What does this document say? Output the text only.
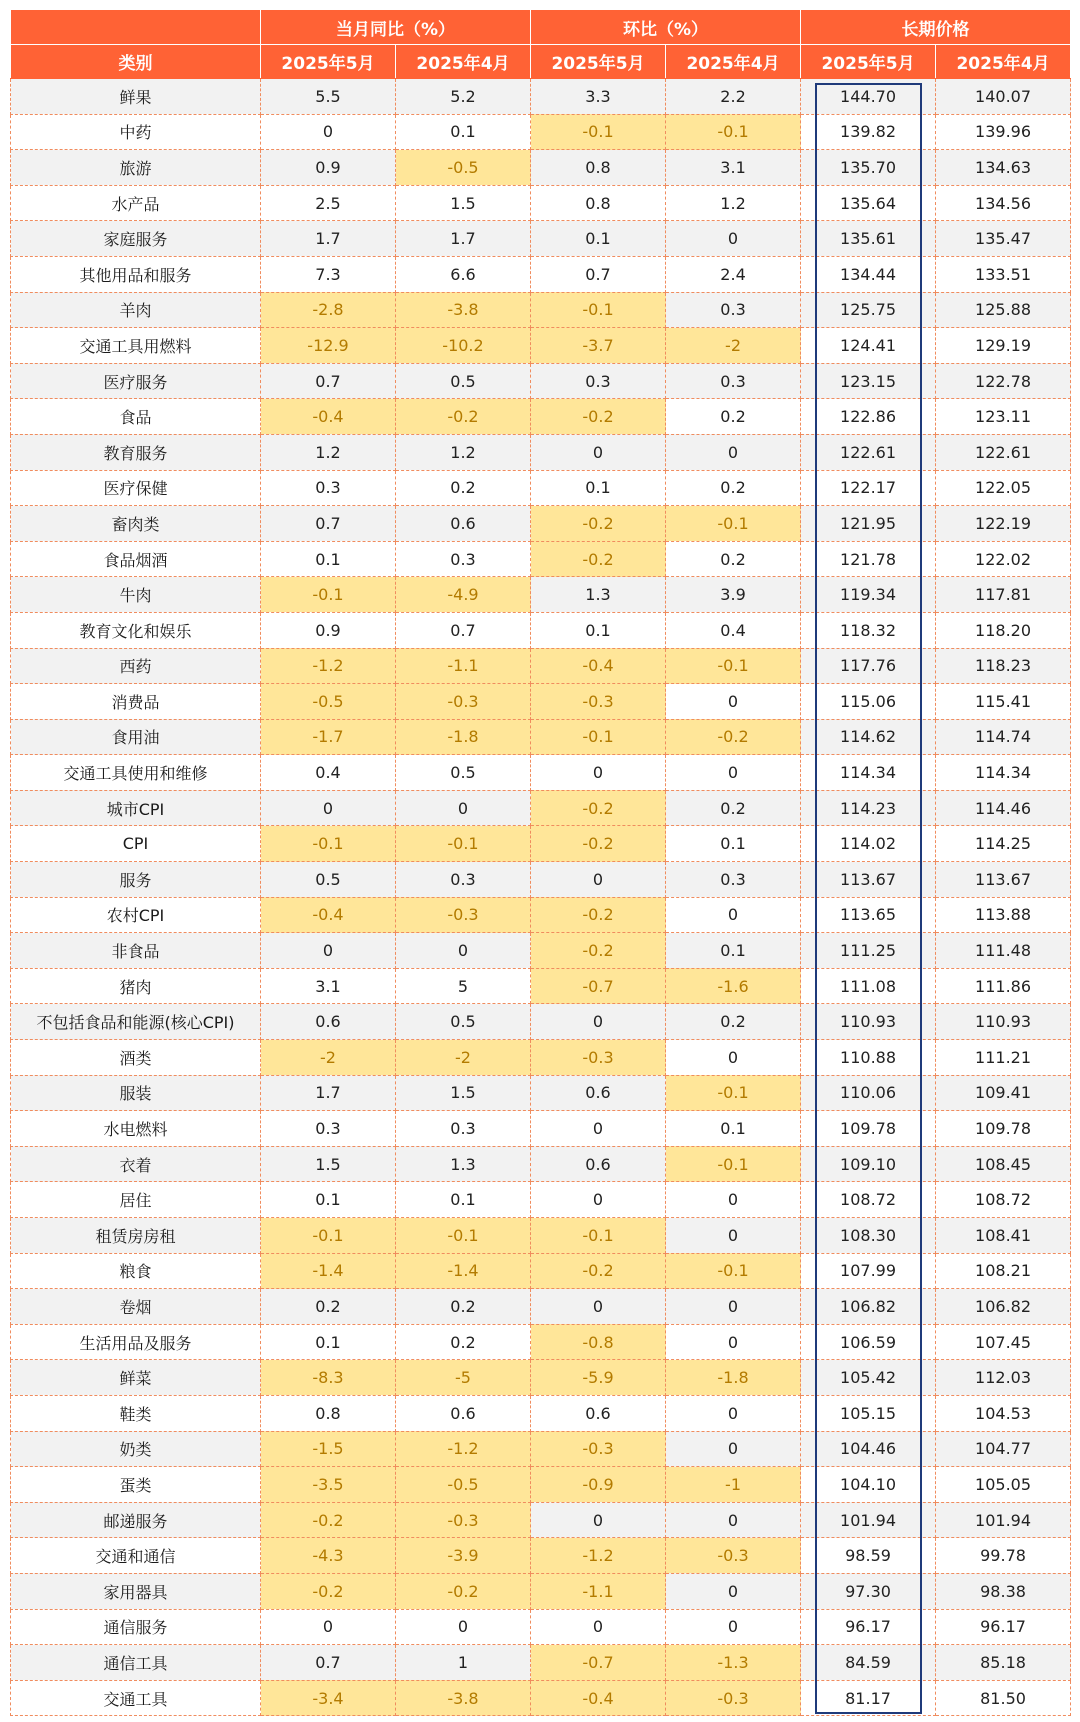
	当月同比（%）		环比（%）		长期价格	
类别	2025年5月	2025年4月	2025年5月	2025年4月	2025年5月	2025年4月
鲜果	5.5	5.2	3.3	2.2	144.70	140.07
中药	0	0.1	-0.1	-0.1	139.82	139.96
旅游	0.9	-0.5	0.8	3.1	135.70	134.63
水产品	2.5	1.5	0.8	1.2	135.64	134.56
家庭服务	1.7	1.7	0.1	0	135.61	135.47
其他用品和服务	7.3	6.6	0.7	2.4	134.44	133.51
羊肉	-2.8	-3.8	-0.1	0.3	125.75	125.88
交通工具用燃料	-12.9	-10.2	-3.7	-2	124.41	129.19
医疗服务	0.7	0.5	0.3	0.3	123.15	122.78
食品	-0.4	-0.2	-0.2	0.2	122.86	123.11
教育服务	1.2	1.2	0	0	122.61	122.61
医疗保健	0.3	0.2	0.1	0.2	122.17	122.05
畜肉类	0.7	0.6	-0.2	-0.1	121.95	122.19
食品烟酒	0.1	0.3	-0.2	0.2	121.78	122.02
牛肉	-0.1	-4.9	1.3	3.9	119.34	117.81
教育文化和娱乐	0.9	0.7	0.1	0.4	118.32	118.20
西药	-1.2	-1.1	-0.4	-0.1	117.76	118.23
消费品	-0.5	-0.3	-0.3	0	115.06	115.41
食用油	-1.7	-1.8	-0.1	-0.2	114.62	114.74
交通工具使用和维修	0.4	0.5	0	0	114.34	114.34
城市CPI	0	0	-0.2	0.2	114.23	114.46
CPI	-0.1	-0.1	-0.2	0.1	114.02	114.25
服务	0.5	0.3	0	0.3	113.67	113.67
农村CPI	-0.4	-0.3	-0.2	0	113.65	113.88
非食品	0	0	-0.2	0.1	111.25	111.48
猪肉	3.1	5	-0.7	-1.6	111.08	111.86
不包括食品和能源(核心CPI)	0.6	0.5	0	0.2	110.93	110.93
酒类	-2	-2	-0.3	0	110.88	111.21
服装	1.7	1.5	0.6	-0.1	110.06	109.41
水电燃料	0.3	0.3	0	0.1	109.78	109.78
衣着	1.5	1.3	0.6	-0.1	109.10	108.45
居住	0.1	0.1	0	0	108.72	108.72
租赁房房租	-0.1	-0.1	-0.1	0	108.30	108.41
粮食	-1.4	-1.4	-0.2	-0.1	107.99	108.21
卷烟	0.2	0.2	0	0	106.82	106.82
生活用品及服务	0.1	0.2	-0.8	0	106.59	107.45
鲜菜	-8.3	-5	-5.9	-1.8	105.42	112.03
鞋类	0.8	0.6	0.6	0	105.15	104.53
奶类	-1.5	-1.2	-0.3	0	104.46	104.77
蛋类	-3.5	-0.5	-0.9	-1	104.10	105.05
邮递服务	-0.2	-0.3	0	0	101.94	101.94
交通和通信	-4.3	-3.9	-1.2	-0.3	98.59	99.78
家用器具	-0.2	-0.2	-1.1	0	97.30	98.38
通信服务	0	0	0	0	96.17	96.17
通信工具	0.7	1	-0.7	-1.3	84.59	85.18
交通工具	-3.4	-3.8	-0.4	-0.3	81.17	81.50
